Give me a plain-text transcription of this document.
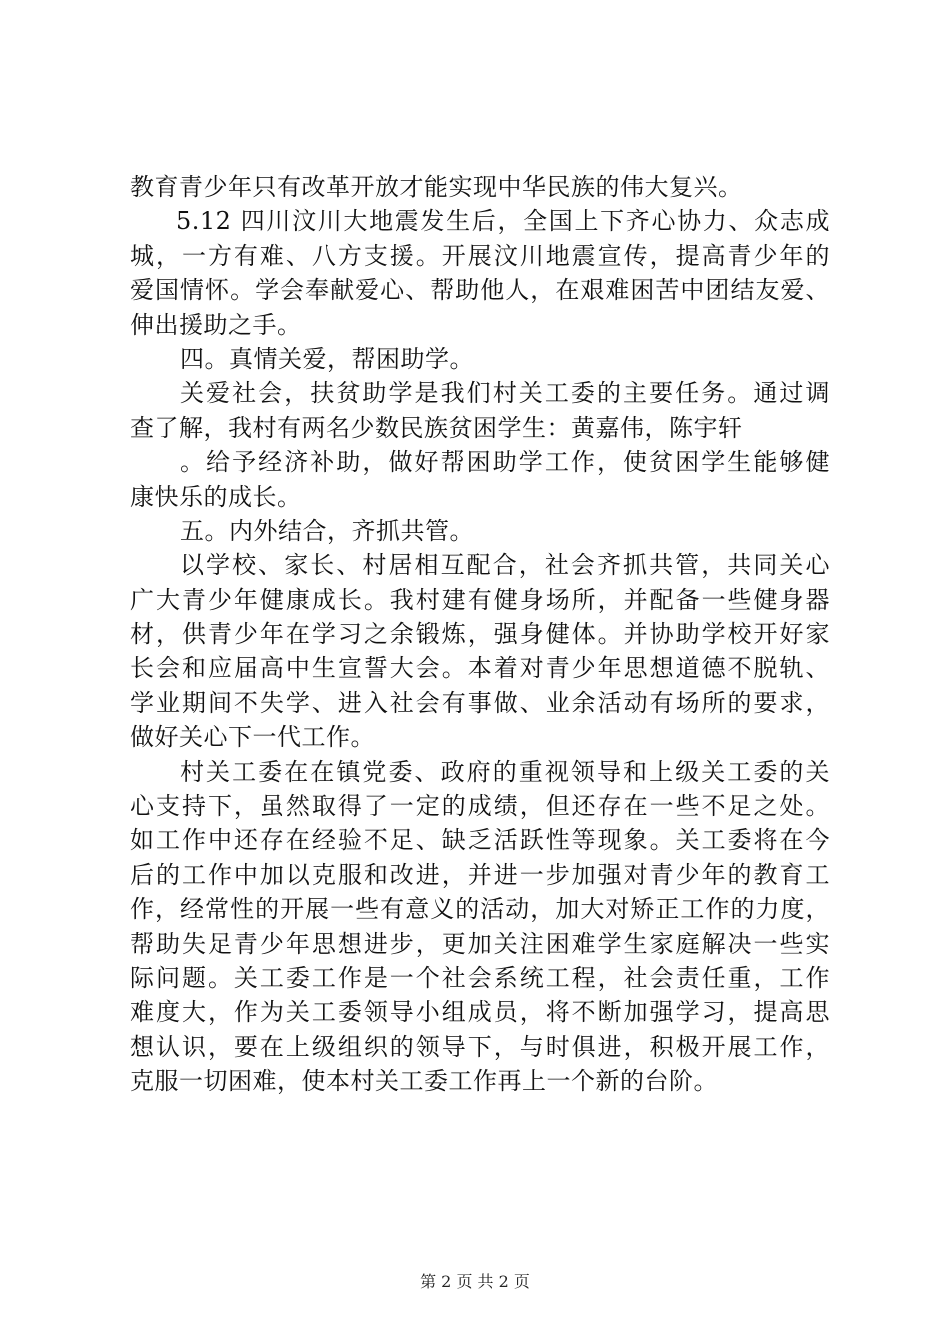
教育青少年只有改革开放才能实现中华民族的伟大复兴。
5.12 四川汶川大地震发生后，全国上下齐心协力、众志成
城，一方有难、八方支援。开展汶川地震宣传，提高青少年的
爱国情怀。学会奉献爱心、帮助他人，在艰难困苦中团结友爱、
伸出援助之手。
四。真情关爱，帮困助学。
关爱社会，扶贫助学是我们村关工委的主要任务。通过调
查了解，我村有两名少数民族贫困学生：黄嘉伟，陈宇轩
。给予经济补助，做好帮困助学工作，使贫困学生能够健
康快乐的成长。
五。内外结合，齐抓共管。
以学校、家长、村居相互配合，社会齐抓共管，共同关心
广大青少年健康成长。我村建有健身场所，并配备一些健身器
材，供青少年在学习之余锻炼，强身健体。并协助学校开好家
长会和应届高中生宣誓大会。本着对青少年思想道德不脱轨、
学业期间不失学、进入社会有事做、业余活动有场所的要求，
做好关心下一代工作。
村关工委在在镇党委、政府的重视领导和上级关工委的关
心支持下，虽然取得了一定的成绩，但还存在一些不足之处。
如工作中还存在经验不足、缺乏活跃性等现象。关工委将在今
后的工作中加以克服和改进，并进一步加强对青少年的教育工
作，经常性的开展一些有意义的活动，加大对矫正工作的力度，
帮助失足青少年思想进步，更加关注困难学生家庭解决一些实
际问题。关工委工作是一个社会系统工程，社会责任重，工作
难度大，作为关工委领导小组成员，将不断加强学习，提高思
想认识，要在上级组织的领导下，与时俱进，积极开展工作，
克服一切困难，使本村关工委工作再上一个新的台阶。
第 2 页 共 2 页
